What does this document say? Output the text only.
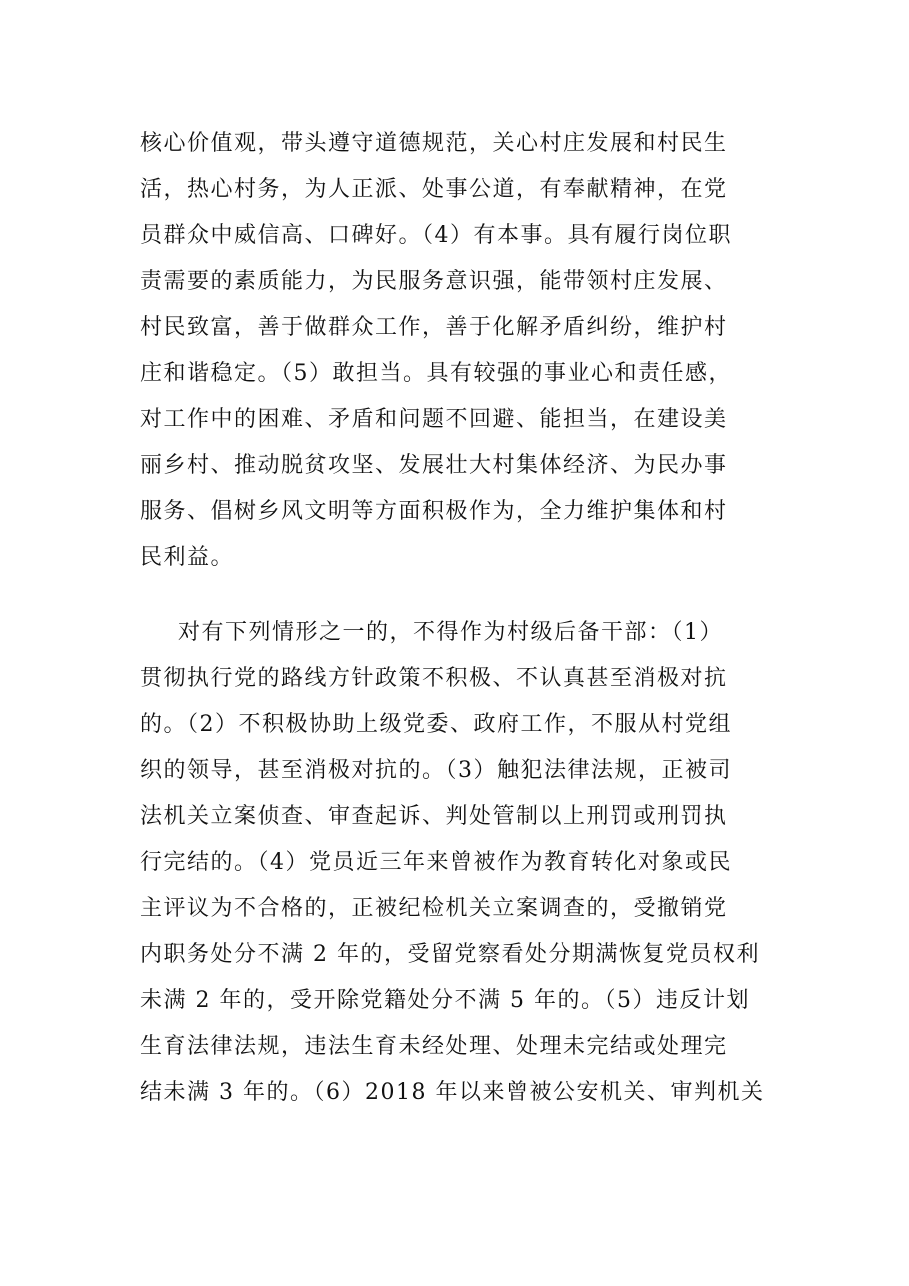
核心价值观，带头遵守道德规范，关心村庄发展和村民生
活，热心村务，为人正派、处事公道，有奉献精神，在党
员群众中威信高、口碑好。（4）有本事。具有履行岗位职
责需要的素质能力，为民服务意识强，能带领村庄发展、
村民致富，善于做群众工作，善于化解矛盾纠纷，维护村
庄和谐稳定。（5）敢担当。具有较强的事业心和责任感，
对工作中的困难、矛盾和问题不回避、能担当，在建设美
丽乡村、推动脱贫攻坚、发展壮大村集体经济、为民办事
服务、倡树乡风文明等方面积极作为，全力维护集体和村
民利益。
对有下列情形之一的，不得作为村级后备干部：（1）
贯彻执行党的路线方针政策不积极、不认真甚至消极对抗
的。（2）不积极协助上级党委、政府工作，不服从村党组
织的领导，甚至消极对抗的。（3）触犯法律法规，正被司
法机关立案侦查、审查起诉、判处管制以上刑罚或刑罚执
行完结的。（4）党员近三年来曾被作为教育转化对象或民
主评议为不合格的，正被纪检机关立案调查的，受撤销党
内职务处分不满 2 年的，受留党察看处分期满恢复党员权利
未满 2 年的，受开除党籍处分不满 5 年的。（5）违反计划
生育法律法规，违法生育未经处理、处理未完结或处理完
结未满 3 年的。（6）2018 年以来曾被公安机关、审判机关
